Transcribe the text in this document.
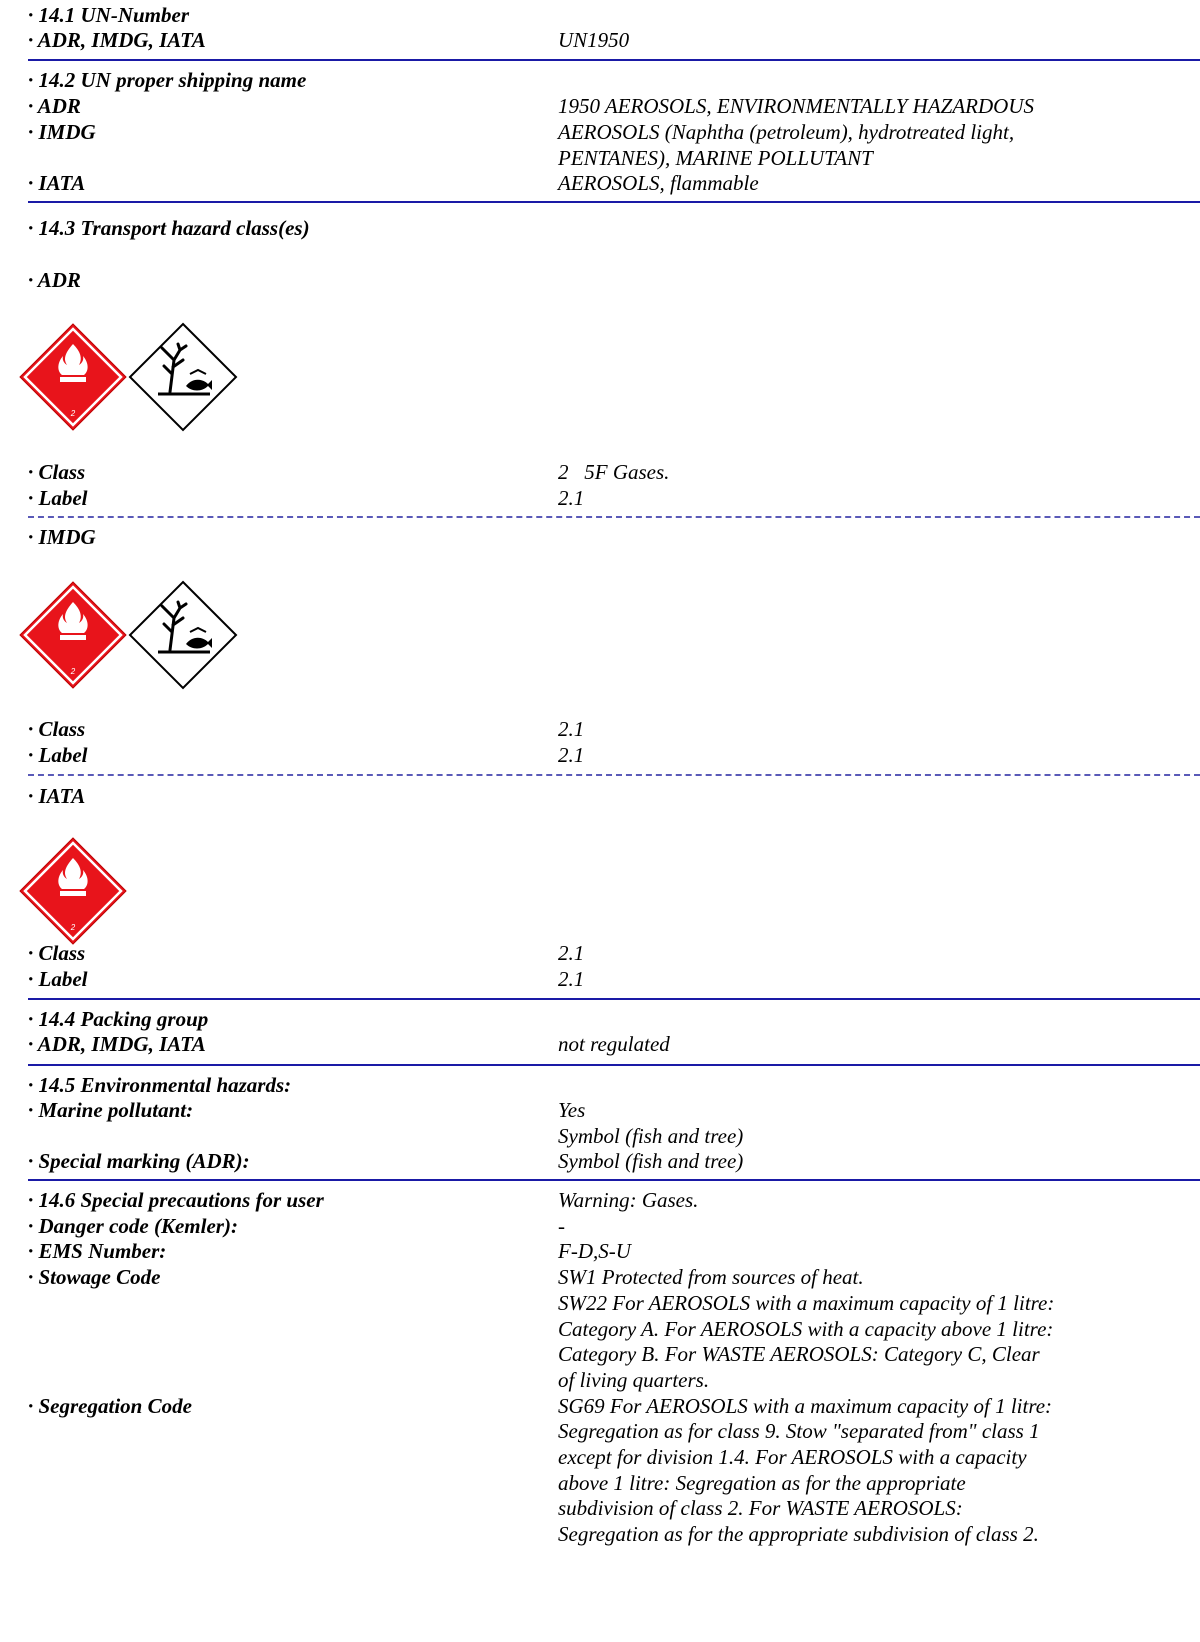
· 14.1 UN-Number
· ADR, IMDG, IATA	UN1950
· 14.2 UN proper shipping name
· ADR	1950 AEROSOLS, ENVIRONMENTALLY HAZARDOUS
· IMDG	AEROSOLS (Naphtha (petroleum), hydrotreated light,
PENTANES), MARINE POLLUTANT
· IATA	AEROSOLS, flammable
· 14.3 Transport hazard class(es)
· ADR
2
· Class	2   5F Gases.
· Label	2.1
· IMDG
2
· Class	2.1
· Label	2.1
· IATA
2
· Class	2.1
· Label	2.1
· 14.4 Packing group
· ADR, IMDG, IATA	not regulated
· 14.5 Environmental hazards:
· Marine pollutant:	Yes
Symbol (fish and tree)
· Special marking (ADR):	Symbol (fish and tree)
· 14.6 Special precautions for user	Warning: Gases.
· Danger code (Kemler):	-
· EMS Number:	F-D,S-U
· Stowage Code	SW1 Protected from sources of heat.
SW22 For AEROSOLS with a maximum capacity of 1 litre:
Category A. For AEROSOLS with a capacity above 1 litre:
Category B. For WASTE AEROSOLS: Category C, Clear
of living quarters.
· Segregation Code	SG69 For AEROSOLS with a maximum capacity of 1 litre:
Segregation as for class 9. Stow "separated from" class 1
except for division 1.4. For AEROSOLS with a capacity
above 1 litre: Segregation as for the appropriate
subdivision of class 2. For WASTE AEROSOLS:
Segregation as for the appropriate subdivision of class 2.
